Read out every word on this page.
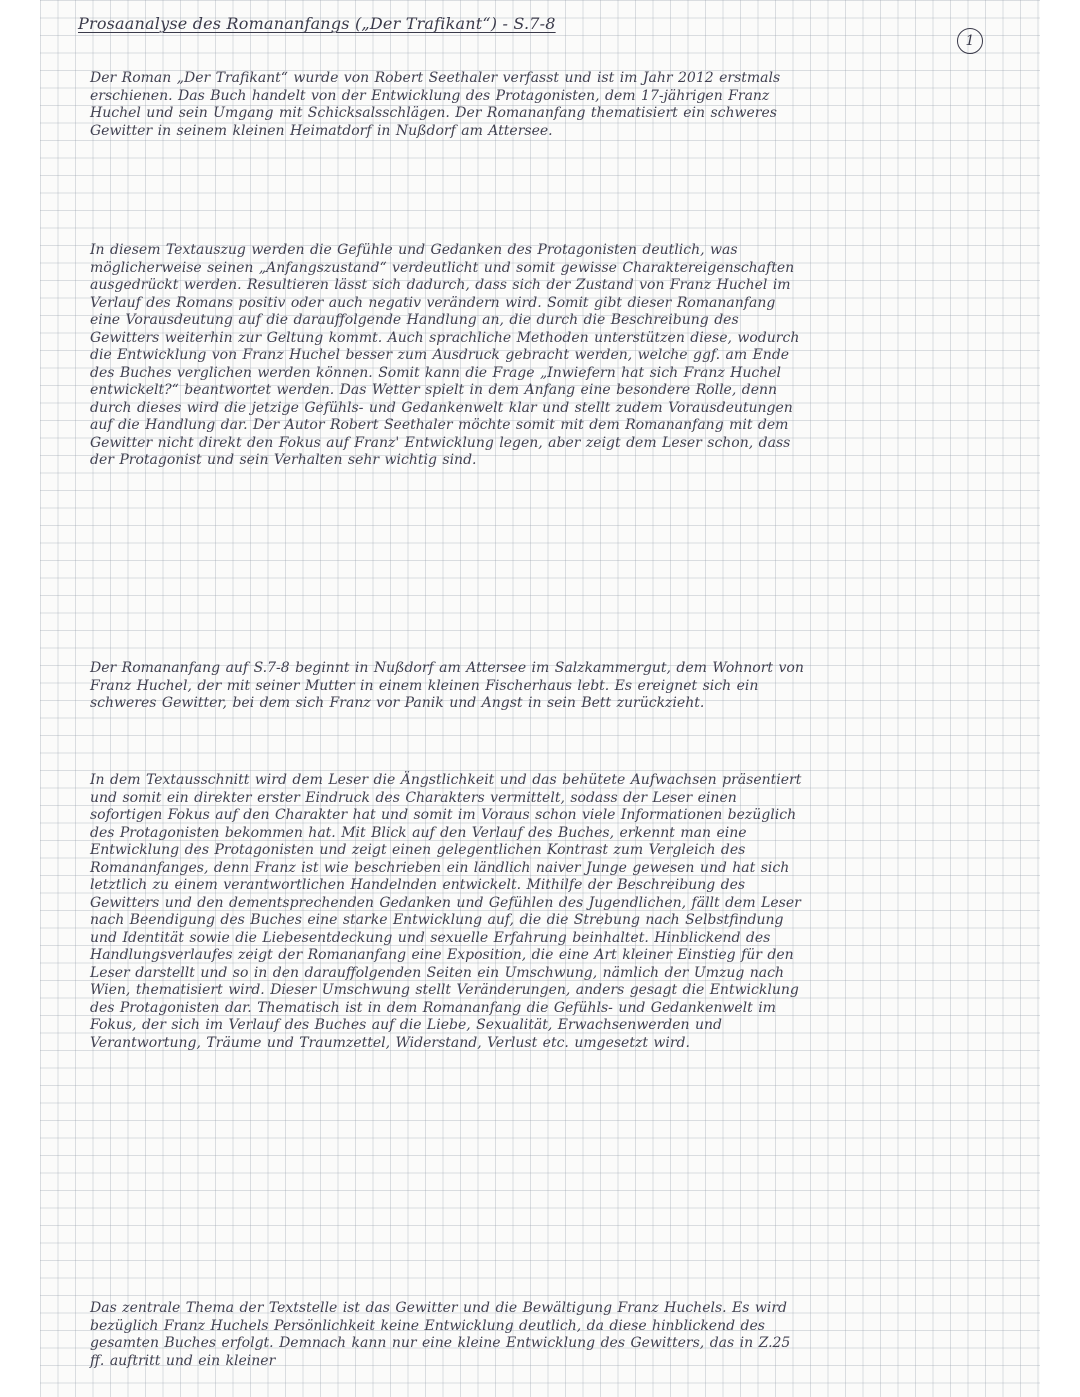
Prosaanalyse des Romananfangs („Der Trafikant“) - S.7-8
1

Der Roman „Der Trafikant“ wurde von Robert Seethaler verfasst und ist im Jahr 2012 erstmals erschienen. Das Buch handelt von der Entwicklung des Protagonisten, dem 17-jährigen Franz Huchel und sein Umgang mit Schicksalsschlägen. Der Romananfang thematisiert ein schweres Gewitter in seinem kleinen Heimatdorf in Nußdorf am Attersee.

In diesem Textauszug werden die Gefühle und Gedanken des Protagonisten deutlich, was möglicherweise seinen „Anfangszustand“ verdeutlicht und somit gewisse Charaktereigenschaften ausgedrückt werden. Resultieren lässt sich dadurch, dass sich der Zustand von Franz Huchel im Verlauf des Romans positiv oder auch negativ verändern wird. Somit gibt dieser Romananfang eine Vorausdeutung auf die darauffolgende Handlung an, die durch die Beschreibung des Gewitters weiterhin zur Geltung kommt. Auch sprachliche Methoden unterstützen diese, wodurch die Entwicklung von Franz Huchel besser zum Ausdruck gebracht werden, welche ggf. am Ende des Buches verglichen werden können. Somit kann die Frage „Inwiefern hat sich Franz Huchel entwickelt?“ beantwortet werden. Das Wetter spielt in dem Anfang eine besondere Rolle, denn durch dieses wird die jetzige Gefühls- und Gedankenwelt klar und stellt zudem Vorausdeutungen auf die Handlung dar. Der Autor Robert Seethaler möchte somit mit dem Romananfang mit dem Gewitter nicht direkt den Fokus auf Franz' Entwicklung legen, aber zeigt dem Leser schon, dass der Protagonist und sein Verhalten sehr wichtig sind.

Der Romananfang auf S.7-8 beginnt in Nußdorf am Attersee im Salzkammergut, dem Wohnort von Franz Huchel, der mit seiner Mutter in einem kleinen Fischerhaus lebt. Es ereignet sich ein schweres Gewitter, bei dem sich Franz vor Panik und Angst in sein Bett zurückzieht.

In dem Textausschnitt wird dem Leser die Ängstlichkeit und das behütete Aufwachsen präsentiert und somit ein direkter erster Eindruck des Charakters vermittelt, sodass der Leser einen sofortigen Fokus auf den Charakter hat und somit im Voraus schon viele Informationen bezüglich des Protagonisten bekommen hat. Mit Blick auf den Verlauf des Buches, erkennt man eine Entwicklung des Protagonisten und zeigt einen gelegentlichen Kontrast zum Vergleich des Romananfanges, denn Franz ist wie beschrieben ein ländlich naiver Junge gewesen und hat sich letztlich zu einem verantwortlichen Handelnden entwickelt. Mithilfe der Beschreibung des Gewitters und den dementsprechenden Gedanken und Gefühlen des Jugendlichen, fällt dem Leser nach Beendigung des Buches eine starke Entwicklung auf, die die Strebung nach Selbstfindung und Identität sowie die Liebesentdeckung und sexuelle Erfahrung beinhaltet. Hinblickend des Handlungsverlaufes zeigt der Romananfang eine Exposition, die eine Art kleiner Einstieg für den Leser darstellt und so in den darauffolgenden Seiten ein Umschwung, nämlich der Umzug nach Wien, thematisiert wird. Dieser Umschwung stellt Veränderungen, anders gesagt die Entwicklung des Protagonisten dar. Thematisch ist in dem Romananfang die Gefühls- und Gedankenwelt im Fokus, der sich im Verlauf des Buches auf die Liebe, Sexualität, Erwachsenwerden und Verantwortung, Träume und Traumzettel, Widerstand, Verlust etc. umgesetzt wird.

Das zentrale Thema der Textstelle ist das Gewitter und die Bewältigung Franz Huchels. Es wird bezüglich Franz Huchels Persönlichkeit keine Entwicklung deutlich, da diese hinblickend des gesamten Buches erfolgt. Demnach kann nur eine kleine Entwicklung des Gewitters, das in Z.25 ff. auftritt und ein kleiner
